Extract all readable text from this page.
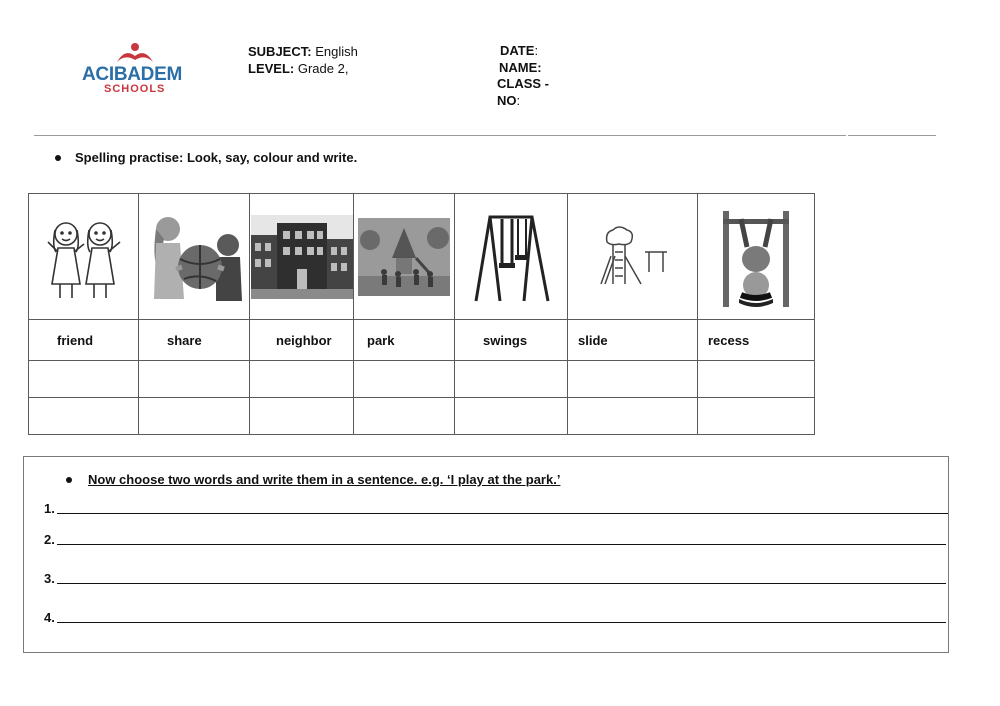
ACIBADEM
SCHOOLS
SUBJECT: English
LEVEL: Grade 2,
DATE:
NAME:
CLASS -
NO:
Spelling practise: Look, say, colour and write.

friend	share	neighbor	park	swings	slide	recess

Now choose two words and write them in a sentence. e.g. ‘I play at the park.’
1.
2.
3.
4.
